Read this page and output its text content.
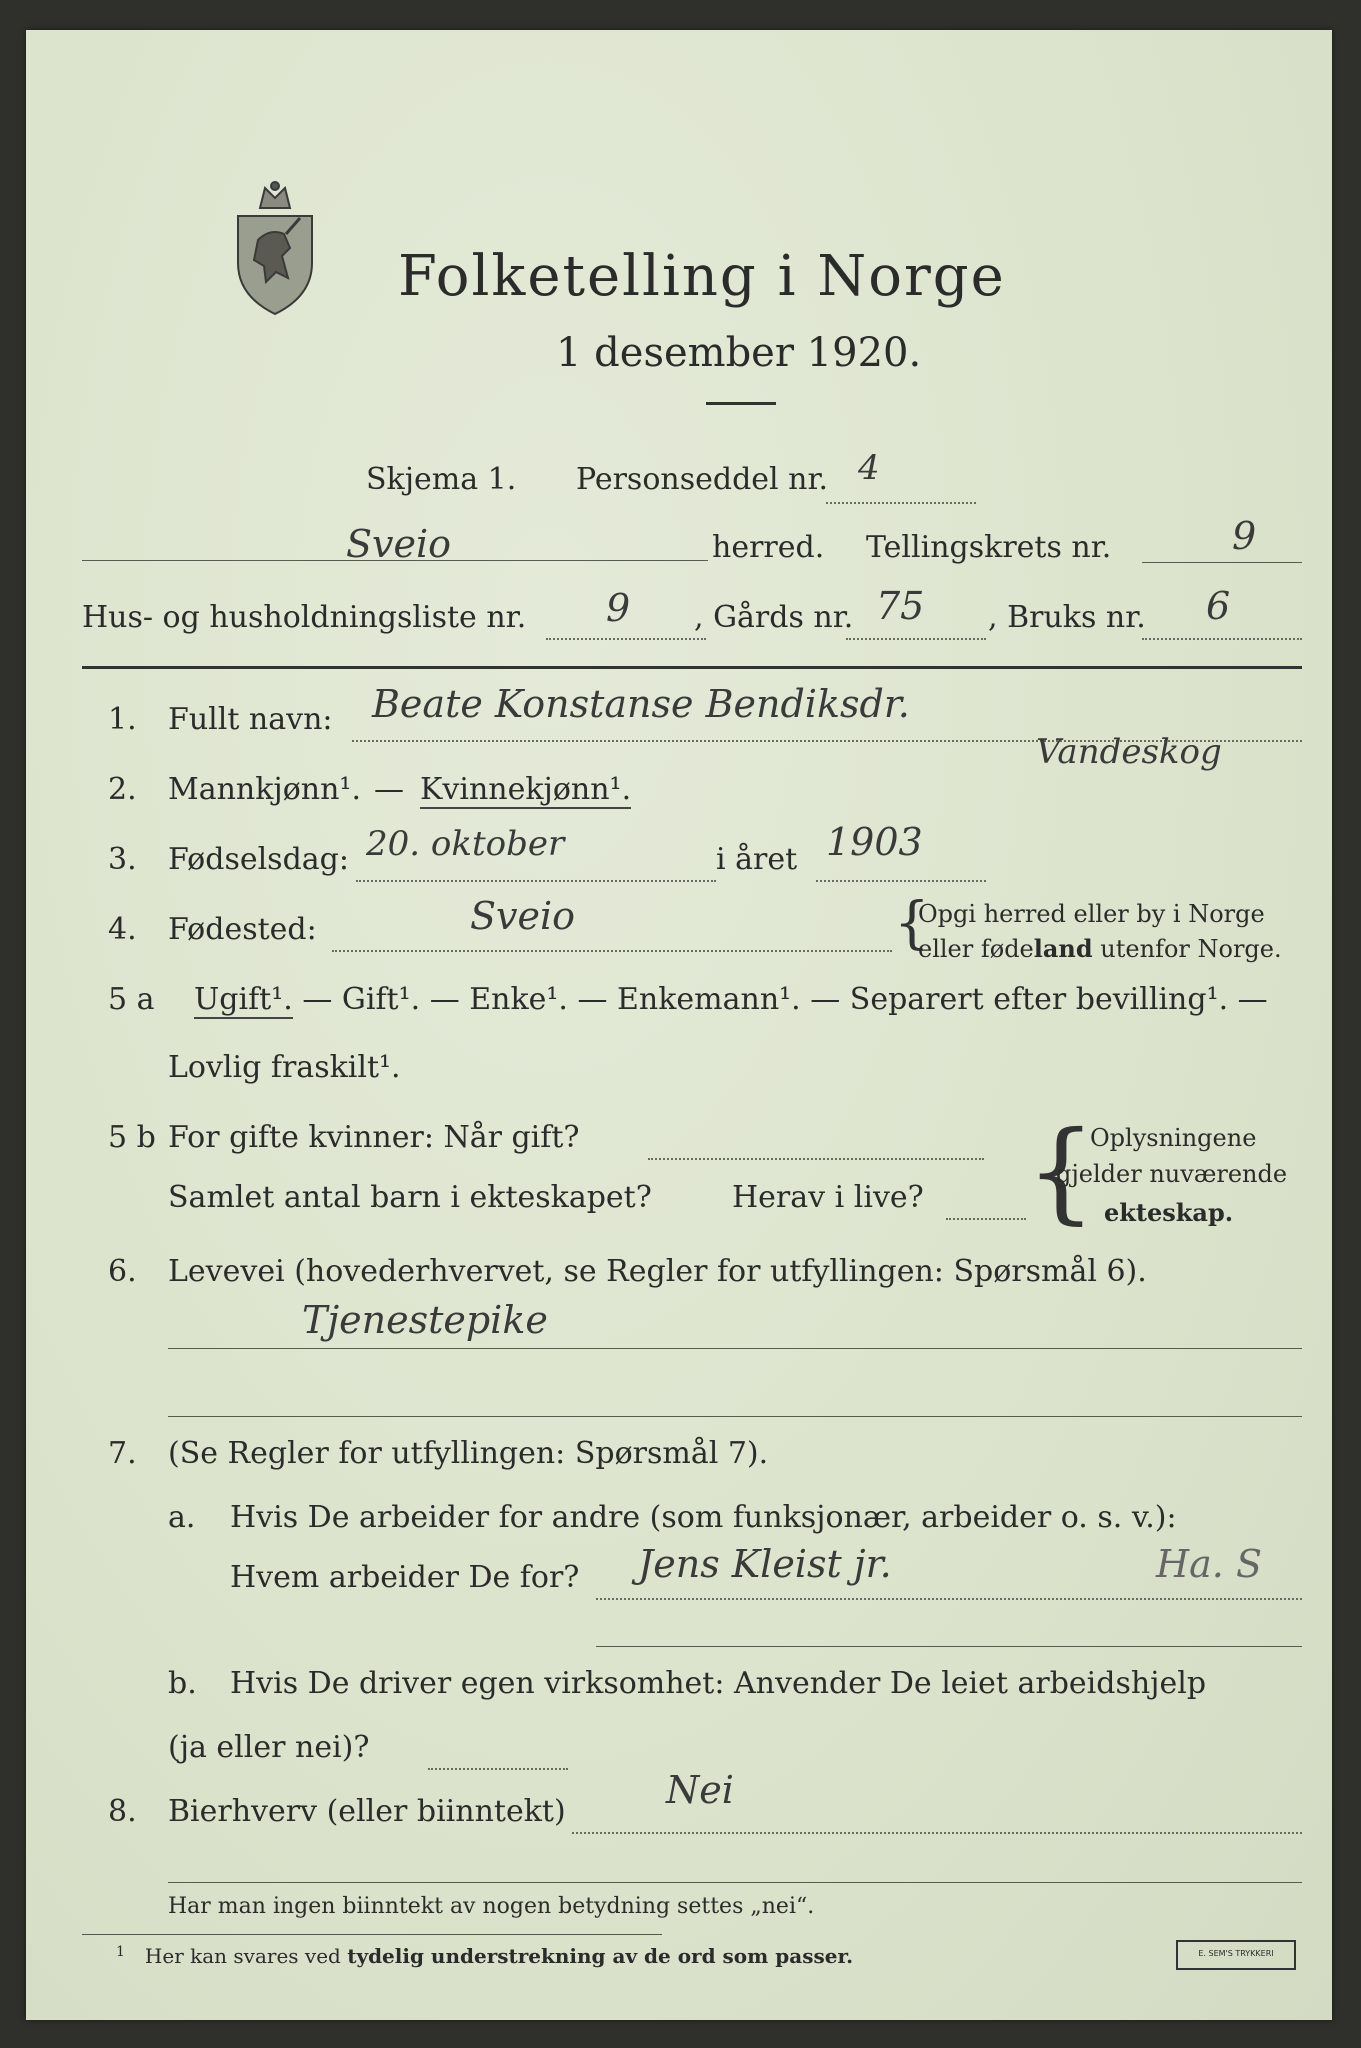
Folketelling i Norge
1 desember 1920.
Skjema 1. Personseddel nr. 4
Sveio	herred. Tellingskrets nr.	9
Hus- og husholdningsliste nr. 9 , Gårds nr. 75 , Bruks nr. 6
1. Fullt navn: Beate Konstanse Bendiksdr.
Vandeskog
2. Mannkjønn¹. — Kvinnekjønn¹.
3. Fødselsdag: 20. oktober	i året 1903
4. Fødested:	Sveio	{
Opgi herred eller by i Norge
eller fødeland utenfor Norge.
5 a Ugift¹. — Gift¹. — Enke¹. — Enkemann¹. — Separert efter bevilling¹. —
Lovlig fraskilt¹.
5 b For gifte kvinner: Når gift?
Samlet antal barn i ekteskapet?	Herav i live? {
Oplysningene
gjelder nuværende
ekteskap.
6. Levevei (hovederhvervet, se Regler for utfyllingen: Spørsmål 6).
Tjenestepike
7. (Se Regler for utfyllingen: Spørsmål 7).
a. Hvis De arbeider for andre (som funksjonær, arbeider o. s. v.):
Hvem arbeider De for? Jens Kleist jr.	Ha. S
b. Hvis De driver egen virksomhet: Anvender De leiet arbeidshjelp
(ja eller nei)?
8. Bierhverv (eller biinntekt)	Nei
Har man ingen biinntekt av nogen betydning settes „nei“.
$^1$ Her kan svares ved tydelig understrekning av de ord som passer.	E. SEM'S TRYKKERI
